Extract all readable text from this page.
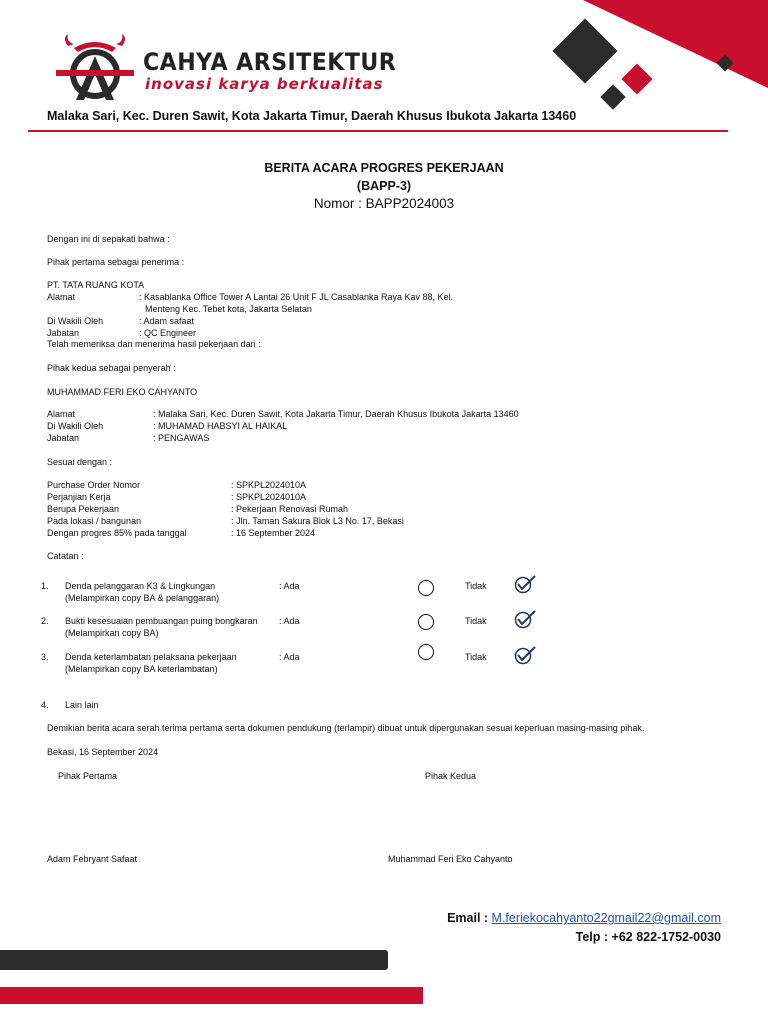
CAHYA ARSITEKTUR
inovasi karya berkualitas
Malaka Sari, Kec. Duren Sawit, Kota Jakarta Timur, Daerah Khusus Ibukota Jakarta 13460
BERITA ACARA PROGRES PEKERJAAN
(BAPP-3)
Nomor : BAPP2024003
Dengan ini di sepakati bahwa :
Pihak pertama sebagai penerima :
PT. TATA RUANG KOTA
Alamat	: Kasablanka Office Tower A Lantai 26 Unit F JL Casablanka Raya Kav 88, Kel.
Menteng Kec. Tebet kota, Jakarta Selatan
Di Wakili Oleh	: Adam safaat
Jabatan	: QC Engineer
Telah memeriksa dan menerima hasil pekerjaan dari :
Pihak kedua sebagai penyerah :
MUHAMMAD FERI EKO CAHYANTO
Alamat	: Malaka Sari, Kec. Duren Sawit, Kota Jakarta Timur, Daerah Khusus Ibukota Jakarta 13460
Di Wakili Oleh	: MUHAMAD HABSYI AL HAIKAL
Jabatan	: PENGAWAS
Sesuai dengan :
Purchase Order Nomor	: SPKPL2024010A
Perjanjian Kerja	: SPKPL2024010A
Berupa Pekerjaan	: Pekerjaan Renovasi Rumah
Pada lokasi / bangunan	: Jln. Taman Sakura Blok L3 No. 17, Bekasi
Dengan progres 85% pada tanggal	: 16 September 2024
Catatan :
1. Denda pelanggaran K3 & Lingkungan
(Melampirkan copy BA & pelanggaran)
: Ada	Tidak
2. Bukti kesesuaian pembuangan puing bongkaran
(Melampirkan copy BA)
: Ada	Tidak
3. Denda keterlambatan pelaksana pekerjaan
(Melampirkan copy BA keterlambatan)
: Ada	Tidak
4. Lain lain
Demikian berita acara serah terima pertama serta dokumen pendukung (terlampir) dibuat untuk dipergunakan sesuai keperluan masing-masing pihak.
Bekasi, 16 September 2024
Pihak Pertama	Pihak Kedua
Adam Febryant Safaat	Muhammad Feri Eko Cahyanto
Email : M.feriekocahyanto22gmail22@gmail.com
Telp : +62 822-1752-0030
